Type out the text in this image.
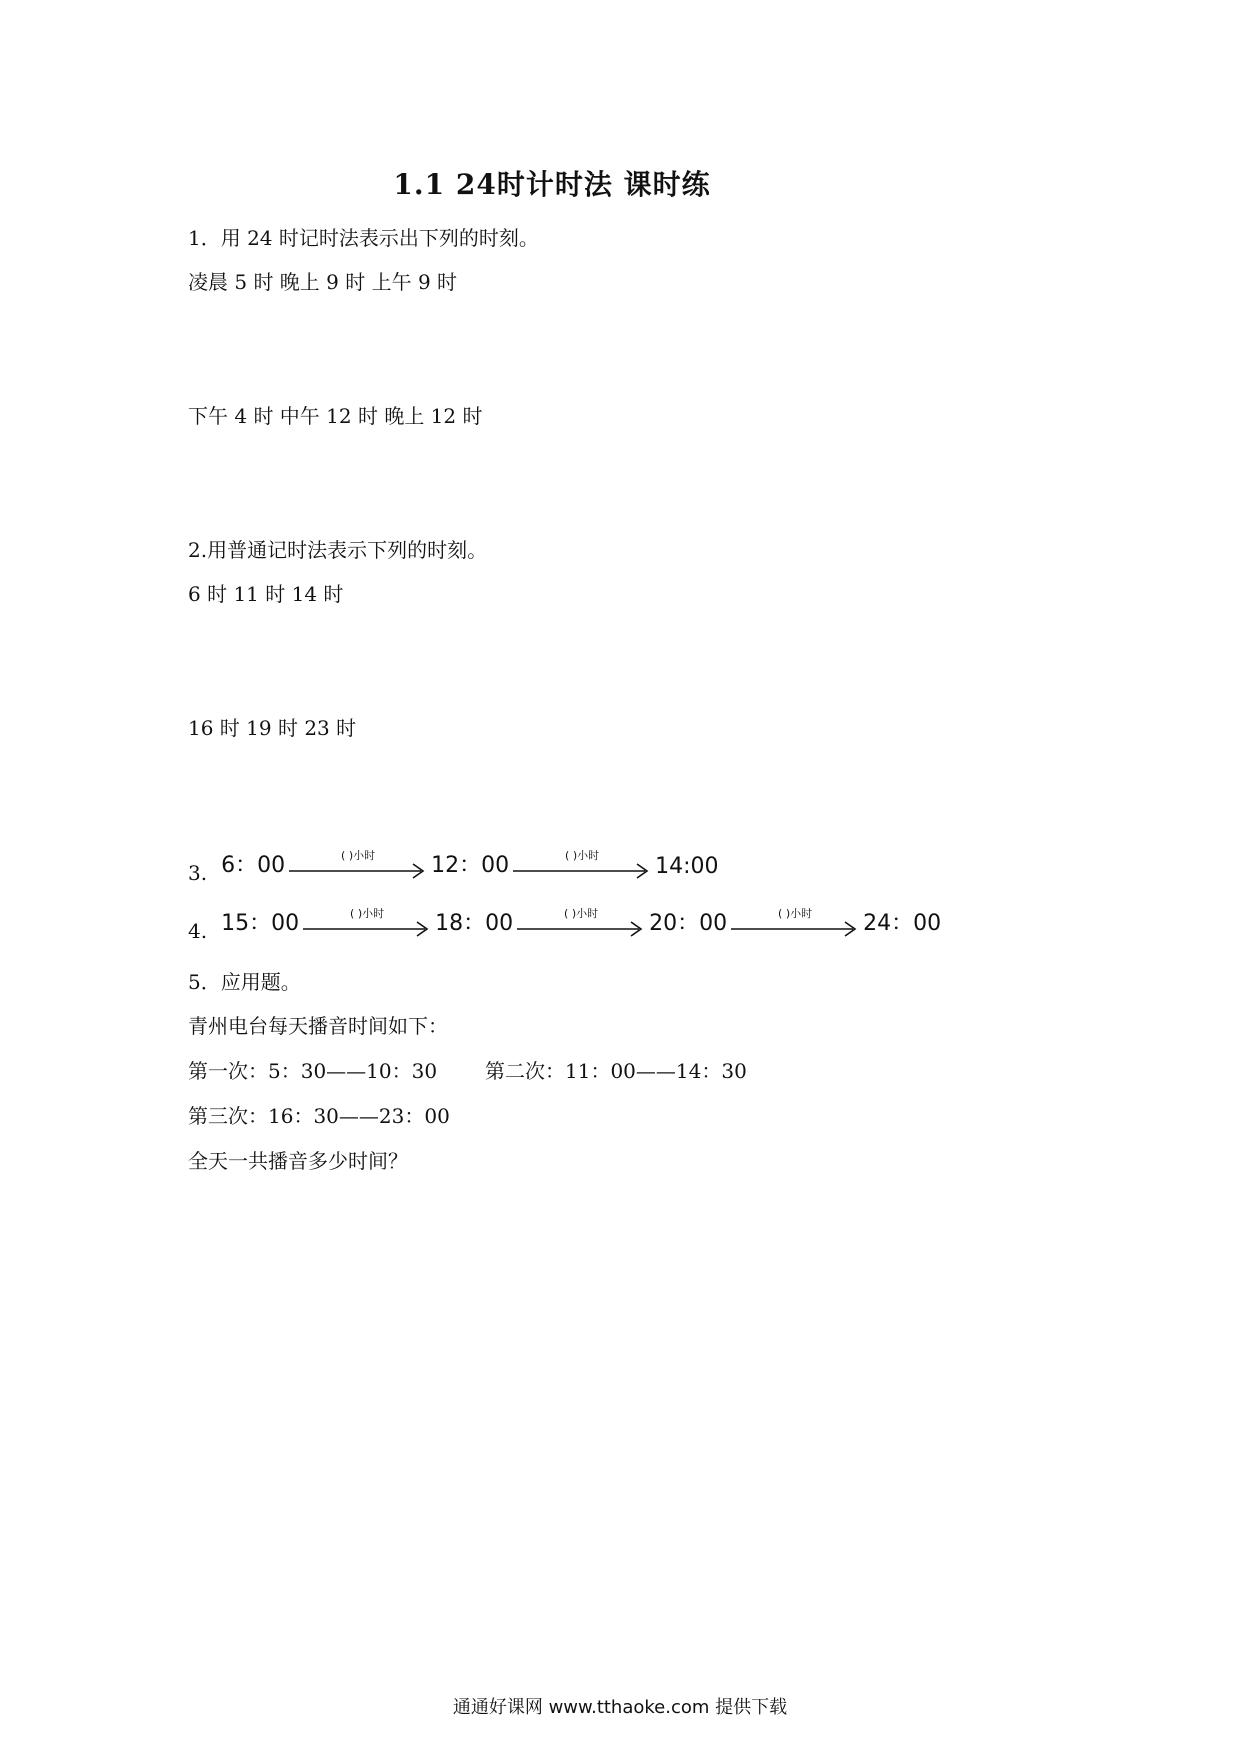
1.1 24时计时法 课时练
1．用 24 时记时法表示出下列的时刻。
凌晨 5 时 晚上 9 时 上午 9 时
下午 4 时 中午 12 时 晚上 12 时
2.用普通记时法表示下列的时刻。
6 时 11 时 14 时
16 时 19 时 23 时
3. 6：00	( )小时	12：00	( )小时	14:00
4. 15：00	( )小时	18：00	( )小时	20：00	( )小时	24：00
5．应用题。
青州电台每天播音时间如下：
第一次：5：30——10：30 第二次：11：00——14：30
第三次：16：30——23：00
全天一共播音多少时间？
通通好课网 www.tthaoke.com 提供下载
